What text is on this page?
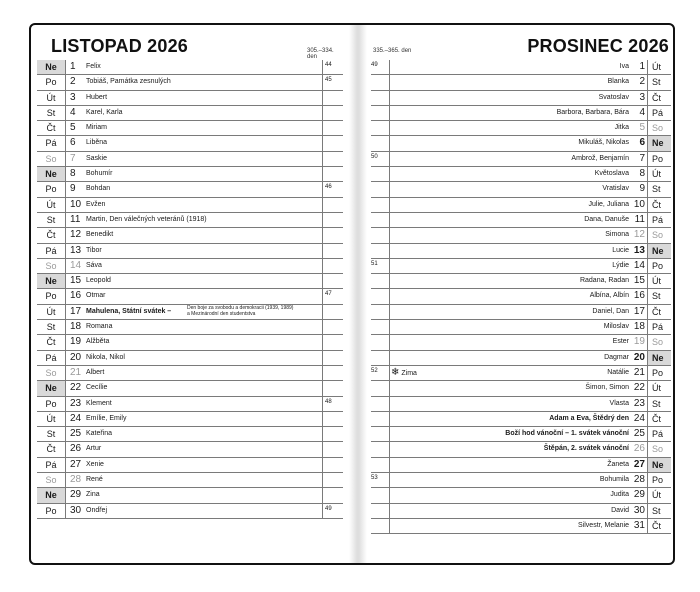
LISTOPAD 2026	305.–334. den
Ne	1	Felix	44
Po	2	Tobiáš, Památka zesnulých	45
Út	3	Hubert
St	4	Karel, Karla
Čt	5	Miriam
Pá	6	Liběna
So	7	Saskie
Ne	8	Bohumír
Po	9	Bohdan	46
Út	10 Evžen
St	11 Martin, Den válečných veteránů (1918)
Čt	12 Benedikt
Pá	13 Tibor
So	14 Sáva
Ne	15 Leopold
Po	16 Otmar	47
Út	17 Mahulena, Státní svátek –	Den boje za svobodu a demokracii (1939, 1989) a Mezinárodní den studentstva
St	18 Romana
Čt	19 Alžběta
Pá	20 Nikola, Nikol
So	21 Albert
Ne	22 Cecílie
Po	23 Klement	48
Út	24 Emílie, Emily
St	25 Kateřina
Čt	26 Artur
Pá	27 Xenie
So	28 René
Ne	29 Zina
Po	30 Ondřej	49
335.–365. den	PROSINEC 2026
49	Iva	1 Út
Blanka	2 St
Svatoslav	3 Čt
Barbora, Barbara, Bára	4 Pá
Jitka	5 So
Mikuláš, Nikolas	6 Ne
50	Ambrož, Benjamín	7 Po
Květoslava	8 Út
Vratislav	9 St
Julie, Juliana 10 Čt
Dana, Danuše 11 Pá
Simona 12 So
Lucie 13 Ne
51	Lýdie 14 Po
Radana, Radan 15 Út
Albína, Albín 16 St
Daniel, Dan 17 Čt
Miloslav 18 Pá
Ester 19 So
Dagmar 20 Ne
52	❄ Zima	Natálie 21 Po
Šimon, Simon 22 Út
Vlasta 23 St
Adam a Eva, Štědrý den 24 Čt
Boží hod vánoční – 1. svátek vánoční 25 Pá
Štěpán, 2. svátek vánoční 26 So
Žaneta 27 Ne
53	Bohumila 28 Po
Judita 29 Út
David 30 St
Silvestr, Melanie 31 Čt
